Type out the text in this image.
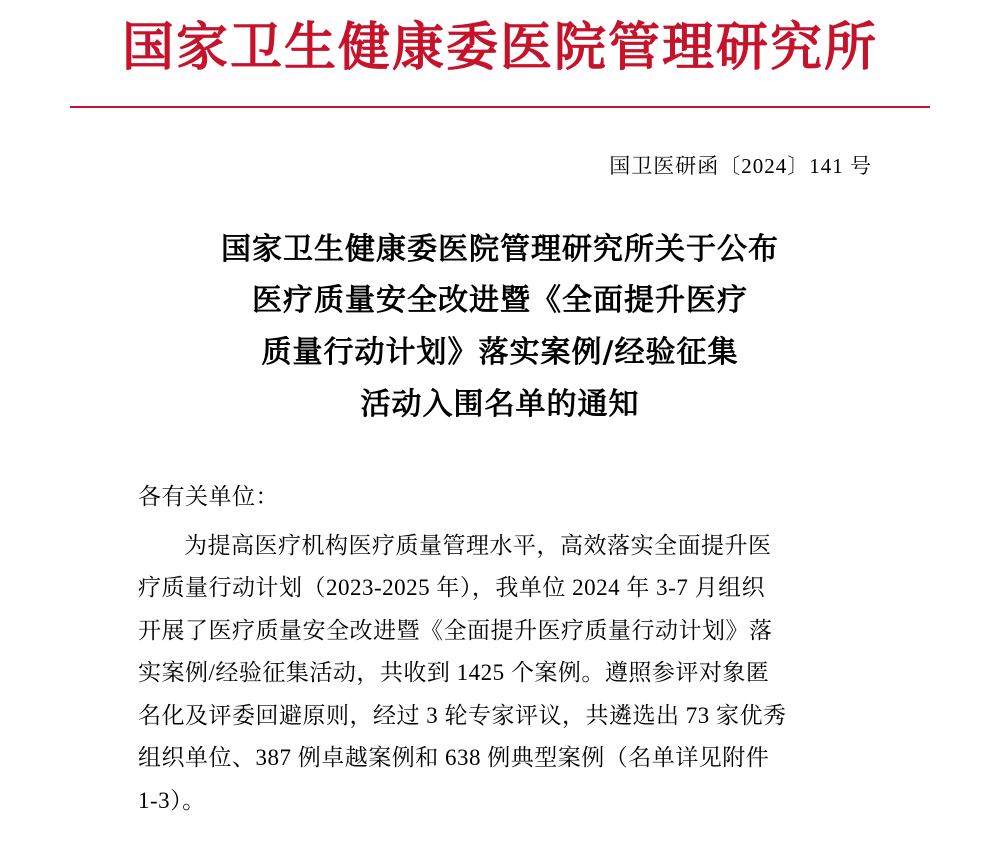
国家卫生健康委医院管理研究所
国卫医研函〔2024〕141 号
国家卫生健康委医院管理研究所关于公布
医疗质量安全改进暨《全面提升医疗
质量行动计划》落实案例/经验征集
活动入围名单的通知
各有关单位：
为提高医疗机构医疗质量管理水平，高效落实全面提升医
疗质量行动计划（2023-2025 年），我单位 2024 年 3-7 月组织
开展了医疗质量安全改进暨《全面提升医疗质量行动计划》落
实案例/经验征集活动，共收到 1425 个案例。遵照参评对象匿
名化及评委回避原则，经过 3 轮专家评议，共遴选出 73 家优秀
组织单位、387 例卓越案例和 638 例典型案例（名单详见附件
1-3）。
